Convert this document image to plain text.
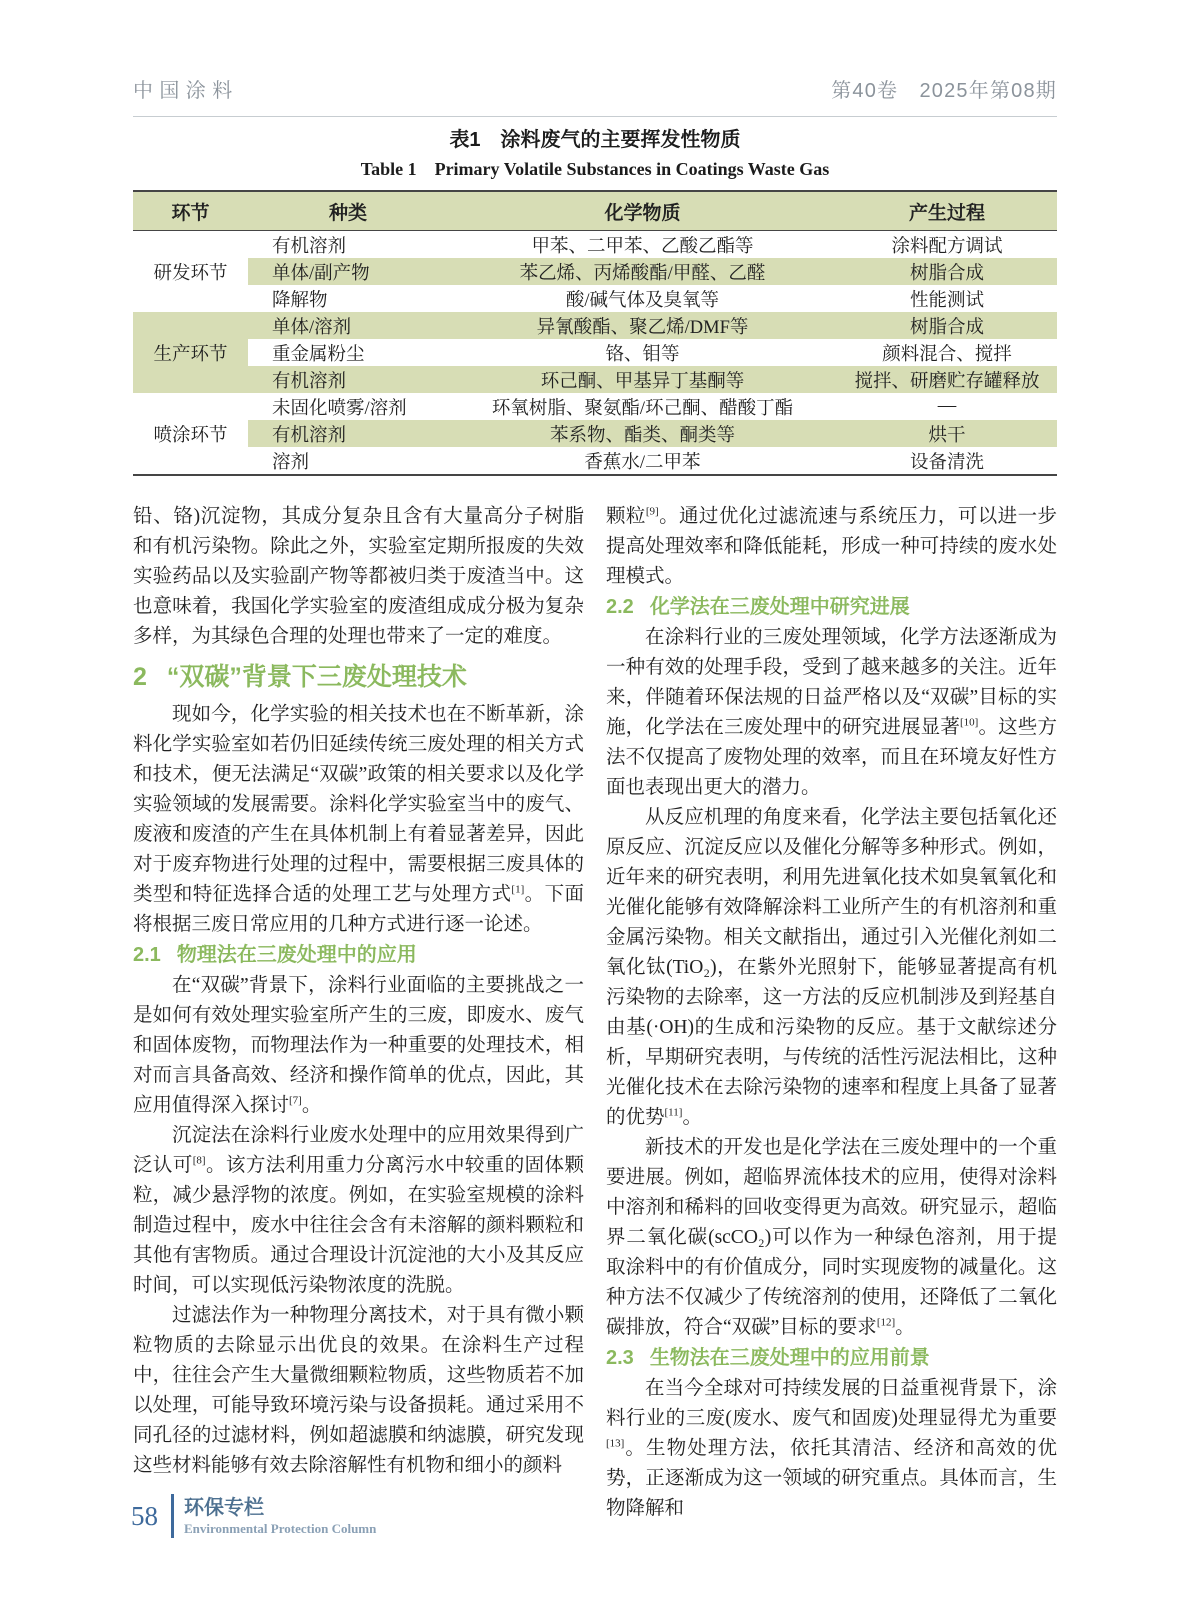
中国涂料	第40卷　2025年第08期
表1　涂料废气的主要挥发性物质
Table 1　Primary Volatile Substances in Coatings Waste Gas
环节	种类	化学物质	产生过程
研发环节	有机溶剂	甲苯、二甲苯、乙酸乙酯等	涂料配方调试
	单体/副产物	苯乙烯、丙烯酸酯/甲醛、乙醛	树脂合成
	降解物	酸/碱气体及臭氧等	性能测试
生产环节	单体/溶剂	异氰酸酯、聚乙烯/DMF等	树脂合成
	重金属粉尘	铬、钼等	颜料混合、搅拌
	有机溶剂	环己酮、甲基异丁基酮等	搅拌、研磨贮存罐释放
喷涂环节	未固化喷雾/溶剂	环氧树脂、聚氨酯/环己酮、醋酸丁酯	—
	有机溶剂	苯系物、酯类、酮类等	烘干
	溶剂	香蕉水/二甲苯	设备清洗

铅、铬)沉淀物，其成分复杂且含有大量高分子树脂和有机污染物。除此之外，实验室定期所报废的失效实验药品以及实验副产物等都被归类于废渣当中。这也意味着，我国化学实验室的废渣组成成分极为复杂多样，为其绿色合理的处理也带来了一定的难度。

2 “双碳”背景下三废处理技术

现如今，化学实验的相关技术也在不断革新，涂料化学实验室如若仍旧延续传统三废处理的相关方式和技术，便无法满足“双碳”政策的相关要求以及化学实验领域的发展需要。涂料化学实验室当中的废气、废液和废渣的产生在具体机制上有着显著差异，因此对于废弃物进行处理的过程中，需要根据三废具体的类型和特征选择合适的处理工艺与处理方式[1]。下面将根据三废日常应用的几种方式进行逐一论述。

2.1 物理法在三废处理中的应用

在“双碳”背景下，涂料行业面临的主要挑战之一是如何有效处理实验室所产生的三废，即废水、废气和固体废物，而物理法作为一种重要的处理技术，相对而言具备高效、经济和操作简单的优点，因此，其应用值得深入探讨[7]。

沉淀法在涂料行业废水处理中的应用效果得到广泛认可[8]。该方法利用重力分离污水中较重的固体颗粒，减少悬浮物的浓度。例如，在实验室规模的涂料制造过程中，废水中往往会含有未溶解的颜料颗粒和其他有害物质。通过合理设计沉淀池的大小及其反应时间，可以实现低污染物浓度的洗脱。

过滤法作为一种物理分离技术，对于具有微小颗粒物质的去除显示出优良的效果。在涂料生产过程中，往往会产生大量微细颗粒物质，这些物质若不加以处理，可能导致环境污染与设备损耗。通过采用不同孔径的过滤材料，例如超滤膜和纳滤膜，研究发现这些材料能够有效去除溶解性有机物和细小的颜料

颗粒[9]。通过优化过滤流速与系统压力，可以进一步提高处理效率和降低能耗，形成一种可持续的废水处理模式。

2.2 化学法在三废处理中研究进展

在涂料行业的三废处理领域，化学方法逐渐成为一种有效的处理手段，受到了越来越多的关注。近年来，伴随着环保法规的日益严格以及“双碳”目标的实施，化学法在三废处理中的研究进展显著[10]。这些方法不仅提高了废物处理的效率，而且在环境友好性方面也表现出更大的潜力。

从反应机理的角度来看，化学法主要包括氧化还原反应、沉淀反应以及催化分解等多种形式。例如，近年来的研究表明，利用先进氧化技术如臭氧氧化和光催化能够有效降解涂料工业所产生的有机溶剂和重金属污染物。相关文献指出，通过引入光催化剂如二氧化钛(TiO₂)，在紫外光照射下，能够显著提高有机污染物的去除率，这一方法的反应机制涉及到羟基自由基(·OH)的生成和污染物的反应。基于文献综述分析，早期研究表明，与传统的活性污泥法相比，这种光催化技术在去除污染物的速率和程度上具备了显著的优势[11]。

新技术的开发也是化学法在三废处理中的一个重要进展。例如，超临界流体技术的应用，使得对涂料中溶剂和稀料的回收变得更为高效。研究显示，超临界二氧化碳(scCO₂)可以作为一种绿色溶剂，用于提取涂料中的有价值成分，同时实现废物的减量化。这种方法不仅减少了传统溶剂的使用，还降低了二氧化碳排放，符合“双碳”目标的要求[12]。

2.3 生物法在三废处理中的应用前景

在当今全球对可持续发展的日益重视背景下，涂料行业的三废(废水、废气和固废)处理显得尤为重要[13]。生物处理方法，依托其清洁、经济和高效的优势，正逐渐成为这一领域的研究重点。具体而言，生物降解和

58 环保专栏
Environmental Protection Column
